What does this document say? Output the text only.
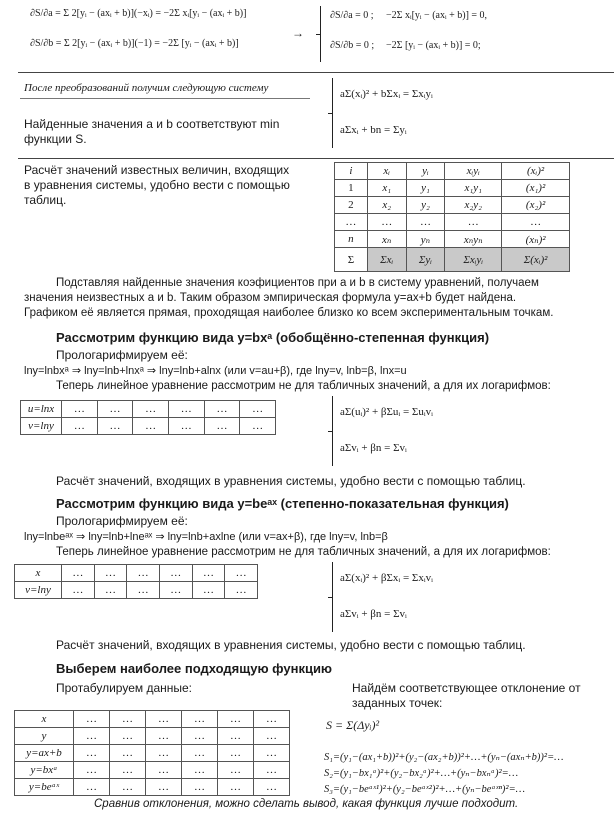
∂S/∂a = Σ 2[yᵢ − (axᵢ + b)](−xᵢ) = −2Σ xᵢ[yᵢ − (axᵢ + b)]
∂S/∂b = Σ 2[yᵢ − (axᵢ + b)](−1) = −2Σ [yᵢ − (axᵢ + b)]
→
∂S/∂a = 0 ; −2Σ xᵢ[yᵢ − (axᵢ + b)] = 0,
∂S/∂b = 0 ; −2Σ [yᵢ − (axᵢ + b)] = 0;
После преобразований получим следующую систему
Найденные значения a и b соответствуют min
функции S.
aΣ(xᵢ)² + bΣxᵢ = Σxᵢyᵢ
aΣxᵢ + bn = Σyᵢ
Расчёт значений известных величин, входящих
в уравнения системы, удобно вести с помощью
таблиц.
i	xᵢ	yᵢ	xᵢyᵢ	(xᵢ)²
1	x₁	y₁	x₁y₁	(x₁)²
2	x₂	y₂	x₂y₂	(x₂)²
…	…	…	…	…
n	xₙ	yₙ	xₙyₙ	(xₙ)²
Σ	Σxᵢ	Σyᵢ	Σxᵢyᵢ	Σ(xᵢ)²
Подставляя найденные значения коэфициентов при a и b в систему уравнений, получаем
значения неизвестных a и b. Таким образом эмпирическая формула y=ax+b будет найдена.
Графиком её является прямая, проходящая наиболее близко ко всем экспериментальным точкам.
Рассмотрим функцию вида y=bxᵃ (обобщённо-степенная функция)
Прологарифмируем её:
lny=lnbxᵃ ⇒ lny=lnb+lnxᵃ ⇒ lny=lnb+alnx (или v=au+β), где lny=v, lnb=β, lnx=u
Теперь линейное уравнение рассмотрим не для табличных значений, а для их логарифмов:
u=lnx	…	…	…	…	…	…
v=lny	…	…	…	…	…	…
aΣ(uᵢ)² + βΣuᵢ = Σuᵢvᵢ
aΣvᵢ + βn = Σvᵢ
Расчёт значений, входящих в уравнения системы, удобно вести с помощью таблиц.
Рассмотрим функцию вида y=beᵃˣ (степенно-показательная функция)
Прологарифмируем её:
lny=lnbeᵃˣ ⇒ lny=lnb+lneᵃˣ ⇒ lny=lnb+axlne (или v=ax+β), где lny=v, lnb=β
Теперь линейное уравнение рассмотрим не для табличных значений, а для их логарифмов:
x	…	…	…	…	…	…
v=lny	…	…	…	…	…	…
aΣ(xᵢ)² + βΣxᵢ = Σxᵢvᵢ
aΣvᵢ + βn = Σvᵢ
Расчёт значений, входящих в уравнения системы, удобно вести с помощью таблиц.
Выберем наиболее подходящую функцию
Протабулируем данные:	Найдём соответствующее отклонение от
заданных точек:
x	…	…	…	…	…	…
y	…	…	…	…	…	…
y=ax+b	…	…	…	…	…	…
y=bxᵃ	…	…	…	…	…	…
y=beᵃˣ	…	…	…	…	…	…
S = Σ(Δyᵢ)²
S₁=(y₁−(ax₁+b))²+(y₂−(ax₂+b))²+…+(yₙ−(axₙ+b))²=…
S₂=(y₁−bx₁ᵃ)²+(y₂−bx₂ᵃ)²+…+(yₙ−bxₙᵃ)²=…
S₃=(y₁−beᵃˣ¹)²+(y₂−beᵃˣ²)²+…+(yₙ−beᵃˣⁿ)²=…
Сравнив отклонения, можно сделать вывод, какая функция лучше подходит.
